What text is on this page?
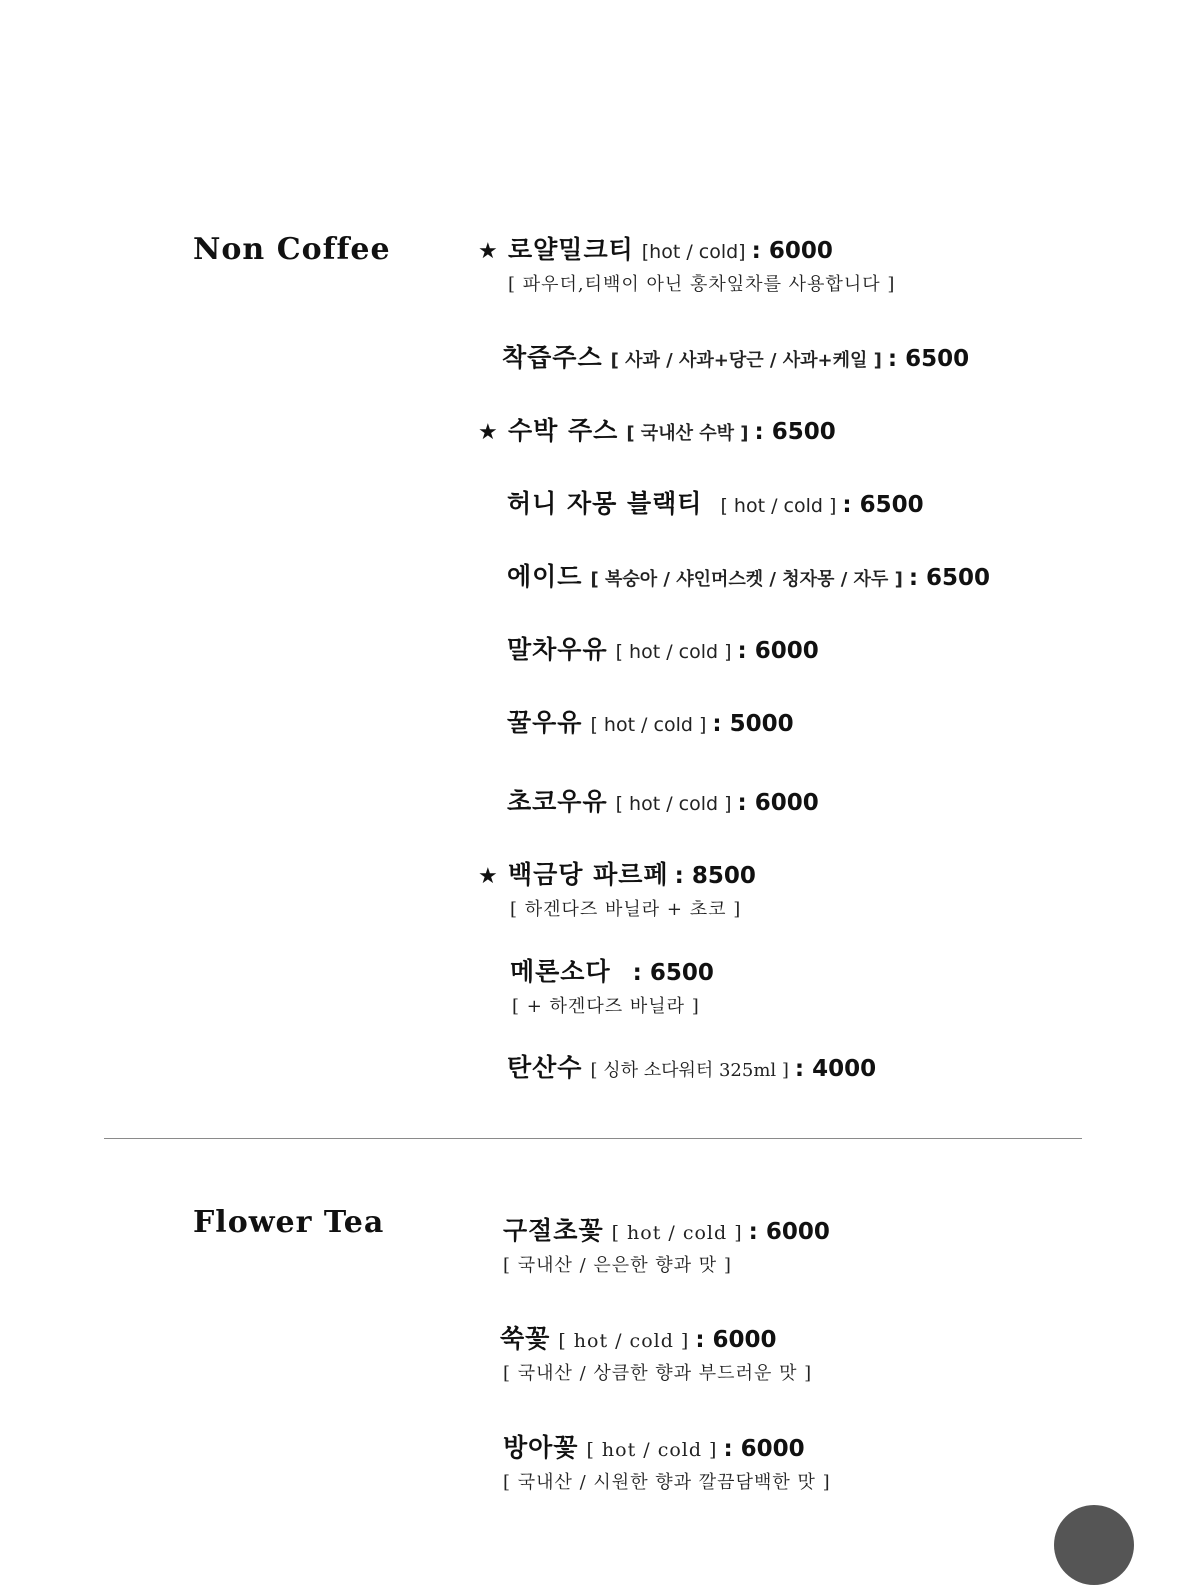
Non Coffee	★ 로얄밀크티 [hot / cold] : 6000
[ 파우더,티백이 아닌 홍차잎차를 사용합니다 ]
착즙주스 [ 사과 / 사과+당근 / 사과+케일 ] : 6500
★ 수박 주스 [ 국내산 수박 ] : 6500
허니 자몽 블랙티 [ hot / cold ] : 6500
에이드 [ 복숭아 / 샤인머스켓 / 청자몽 / 자두 ] : 6500
말차우유 [ hot / cold ] : 6000
꿀우유 [ hot / cold ] : 5000
초코우유 [ hot / cold ] : 6000
★ 백금당 파르페 : 8500
[ 하겐다즈 바닐라 + 초코 ]
메론소다 : 6500
[ + 하겐다즈 바닐라 ]
탄산수 [ 싱하 소다워터 325ml ] : 4000
Flower Tea	구절초꽃 [ hot / cold ] : 6000
[ 국내산 / 은은한 향과 맛 ]
쑥꽃 [ hot / cold ] : 6000
[ 국내산 / 상큼한 향과 부드러운 맛 ]
방아꽃 [ hot / cold ] : 6000
[ 국내산 / 시원한 향과 깔끔담백한 맛 ]
